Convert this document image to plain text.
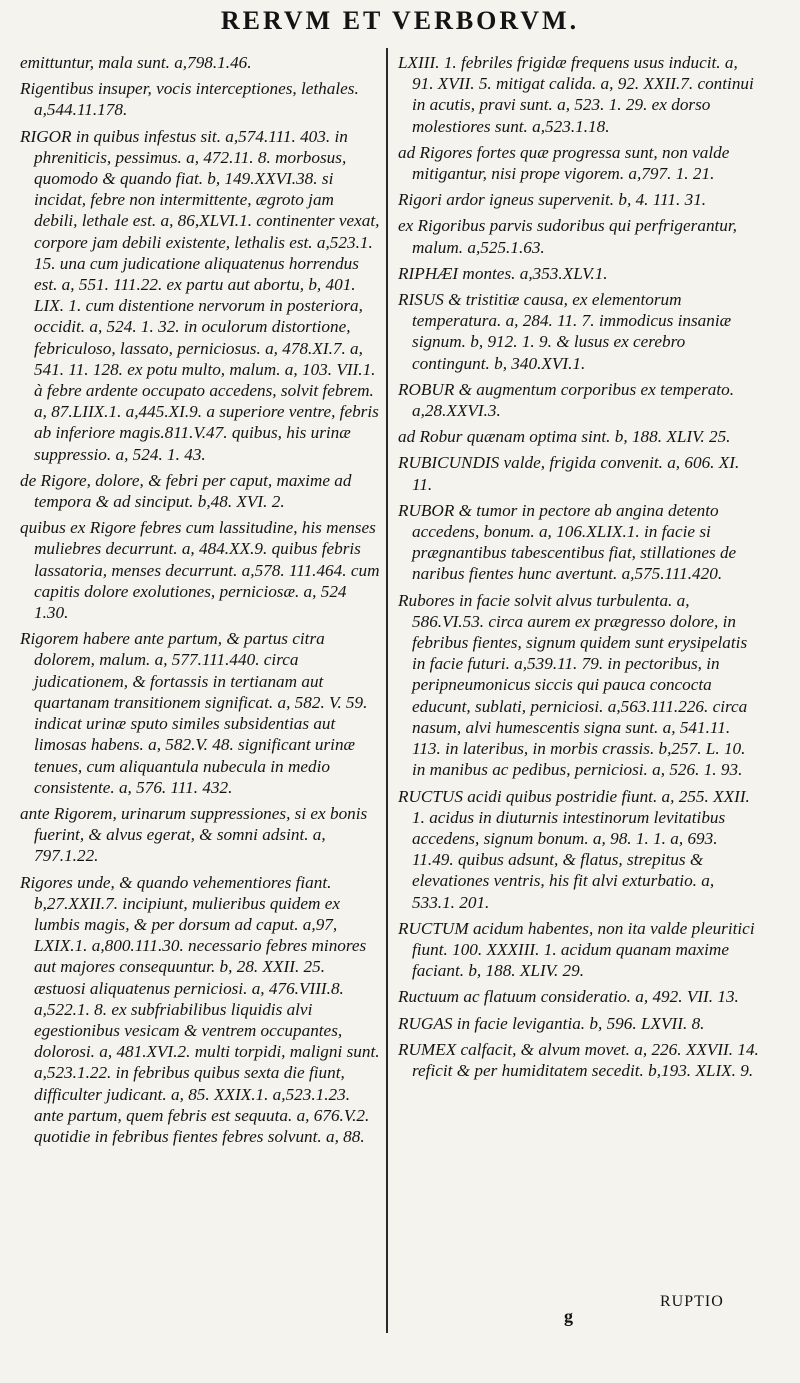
RERVM ET VERBORVM.

emittuntur, mala sunt. a,798.1.46.

Rigentibus insuper, vocis interceptiones, lethales. a,544.11.178.

RIGOR in quibus infestus sit. a,574.111. 403. in phreniticis, pessimus. a, 472.11. 8. morbosus, quomodo & quando fiat. b, 149.XXVI.38. si incidat, febre non intermittente, ægroto jam debili, lethale est. a, 86,XLVI.1. continenter vexat, corpore jam debili existente, lethalis est. a,523.1. 15. una cum judicatione aliquatenus horrendus est. a, 551. 111.22. ex partu aut abortu, b, 401. LIX. 1. cum distentione nervorum in posteriora, occidit. a, 524. 1. 32. in oculorum distortione, febriculoso, lassato, perniciosus. a, 478.XI.7. a, 541. 11. 128. ex potu multo, malum. a, 103. VII.1. à febre ardente occupato accedens, solvit febrem. a, 87.LIIX.1. a,445.XI.9. a superiore ventre, febris ab inferiore magis.811.V.47. quibus, his urinæ suppressio. a, 524. 1. 43.

de Rigore, dolore, & febri per caput, maxime ad tempora & ad sinciput. b,48. XVI. 2.

quibus ex Rigore febres cum lassitudine, his menses muliebres decurrunt. a, 484.XX.9. quibus febris lassatoria, menses decurrunt. a,578. 111.464. cum capitis dolore exolutiones, perniciosæ. a, 524 1.30.

Rigorem habere ante partum, & partus citra dolorem, malum. a, 577.111.440. circa judicationem, & fortassis in tertianam aut quartanam transitionem significat. a, 582. V. 59. indicat urinæ sputo similes subsidentias aut limosas habens. a, 582.V. 48. significant urinæ tenues, cum aliquantula nubecula in medio consistente. a, 576. 111. 432.

ante Rigorem, urinarum suppressiones, si ex bonis fuerint, & alvus egerat, & somni adsint. a, 797.1.22.

Rigores unde, & quando vehementiores fiant. b,27.XXII.7. incipiunt, mulieribus quidem ex lumbis magis, & per dorsum ad caput. a,97, LXIX.1. a,800.111.30. necessario febres minores aut majores consequuntur. b, 28. XXII. 25. æstuosi aliquatenus perniciosi. a, 476.VIII.8. a,522.1. 8. ex subfriabilibus liquidis alvi egestionibus vesicam & ventrem occupantes, dolorosi. a, 481.XVI.2. multi torpidi, maligni sunt. a,523.1.22. in febribus quibus sexta die fiunt, difficulter judicant. a, 85. XXIX.1. a,523.1.23. ante partum, quem febris est sequuta. a, 676.V.2. quotidie in febribus fientes febres solvunt. a, 88.

LXIII. 1. febriles frigidæ frequens usus inducit. a, 91. XVII. 5. mitigat calida. a, 92. XXII.7. continui in acutis, pravi sunt. a, 523. 1. 29. ex dorso molestiores sunt. a,523.1.18.

ad Rigores fortes quæ progressa sunt, non valde mitigantur, nisi prope vigorem. a,797. 1. 21.

Rigori ardor igneus supervenit. b, 4. 111. 31.

ex Rigoribus parvis sudoribus qui perfrigerantur, malum. a,525.1.63.

RIPHÆI montes. a,353.XLV.1.

RISUS & tristitiæ causa, ex elementorum temperatura. a, 284. 11. 7. immodicus insaniæ signum. b, 912. 1. 9. & lusus ex cerebro contingunt. b, 340.XVI.1.

ROBUR & augmentum corporibus ex temperato. a,28.XXVI.3.

ad Robur quænam optima sint. b, 188. XLIV. 25.

RUBICUNDIS valde, frigida convenit. a, 606. XI. 11.

RUBOR & tumor in pectore ab angina detento accedens, bonum. a, 106.XLIX.1. in facie si prægnantibus tabescentibus fiat, stillationes de naribus fientes hunc avertunt. a,575.111.420.

Rubores in facie solvit alvus turbulenta. a, 586.VI.53. circa aurem ex prægresso dolore, in febribus fientes, signum quidem sunt erysipelatis in facie futuri. a,539.11. 79. in pectoribus, in peripneumonicus siccis qui pauca concocta educunt, sublati, perniciosi. a,563.111.226. circa nasum, alvi humescentis signa sunt. a, 541.11. 113. in lateribus, in morbis crassis. b,257. L. 10. in manibus ac pedibus, perniciosi. a, 526. 1. 93.

RUCTUS acidi quibus postridie fiunt. a, 255. XXII. 1. acidus in diuturnis intestinorum levitatibus accedens, signum bonum. a, 98. 1. 1. a, 693. 11.49. quibus adsunt, & flatus, strepitus & elevationes ventris, his fit alvi exturbatio. a, 533.1. 201.

RUCTUM acidum habentes, non ita valde pleuritici fiunt. 100. XXXIII. 1. acidum quanam maxime faciant. b, 188. XLIV. 29.

Ructuum ac flatuum consideratio. a, 492. VII. 13.

RUGAS in facie levigantia. b, 596. LXVII. 8.

RUMEX calfacit, & alvum movet. a, 226. XXVII. 14. reficit & per humiditatem secedit. b,193. XLIX. 9.

g
RUPTIO
